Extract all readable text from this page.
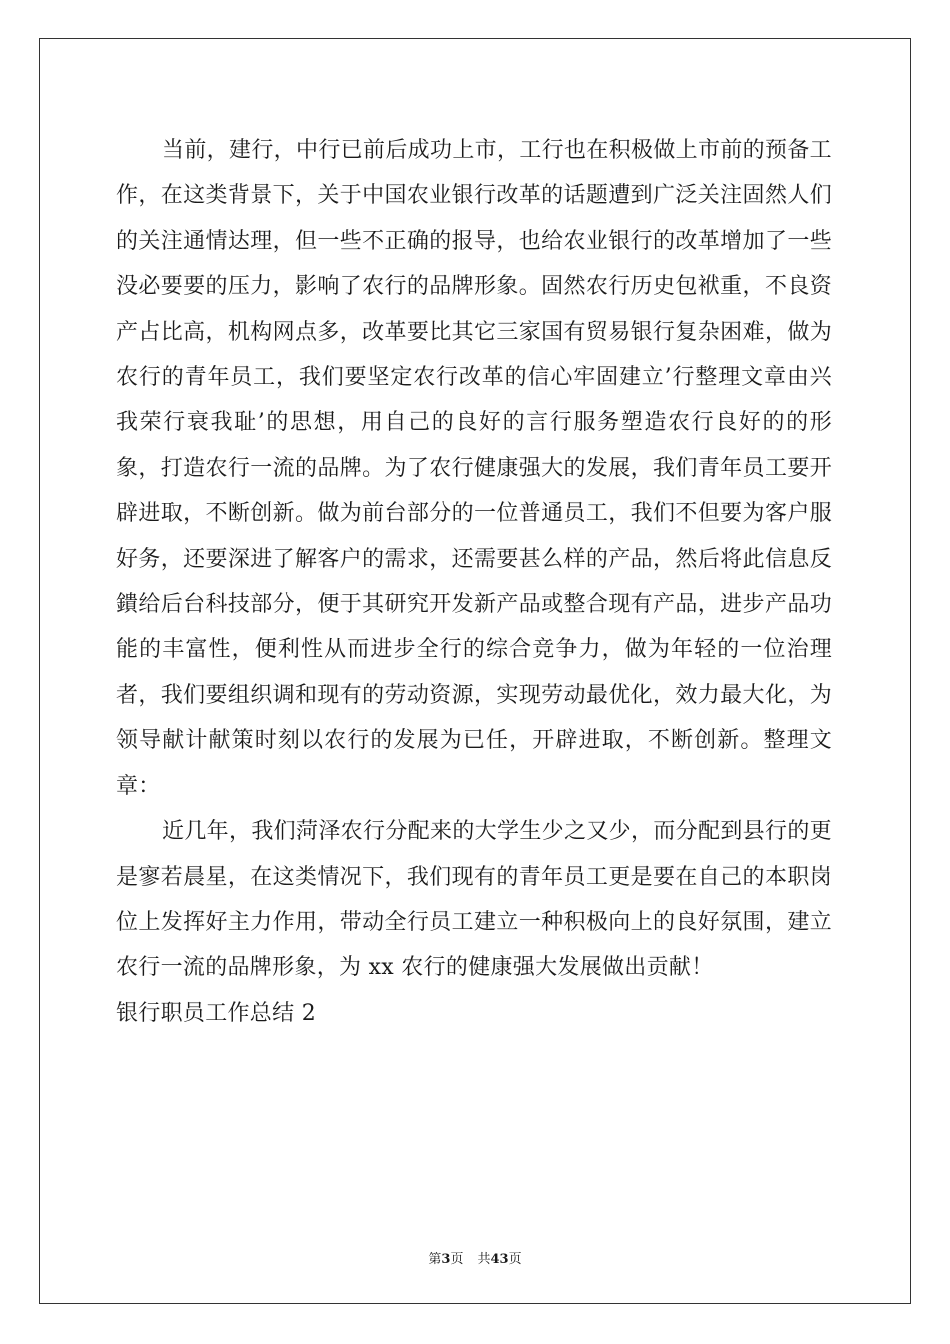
当前，建行，中行已前后成功上市，工行也在积极做上市前的预备工作，在这类背景下，关于中国农业银行改革的话题遭到广泛关注固然人们的关注通情达理，但一些不正确的报导，也给农业银行的改革增加了一些没必要要的压力，影响了农行的品牌形象。固然农行历史包袱重，不良资产占比高，机构网点多，改革要比其它三家国有贸易银行复杂困难，做为农行的青年员工，我们要坚定农行改革的信心牢固建立’行整理文章由兴我荣行衰我耻’的思想，用自己的良好的言行服务塑造农行良好的的形象，打造农行一流的品牌。为了农行健康强大的发展，我们青年员工要开辟进取，不断创新。做为前台部分的一位普通员工，我们不但要为客户服好务，还要深进了解客户的需求，还需要甚么样的产品，然后将此信息反鐀给后台科技部分，便于其研究开发新产品或整合现有产品，进步产品功能的丰富性，便利性从而进步全行的综合竞争力，做为年轻的一位治理者，我们要组织调和现有的劳动资源，实现劳动最优化，效力最大化，为领导献计献策时刻以农行的发展为已任，开辟进取，不断创新。整理文章：

近几年，我们菏泽农行分配来的大学生少之又少，而分配到县行的更是寥若晨星，在这类情况下，我们现有的青年员工更是要在自己的本职岗位上发挥好主力作用，带动全行员工建立一种积极向上的良好氛围，建立农行一流的品牌形象，为 xx 农行的健康强大发展做出贡献！

银行职员工作总结 2

第3页 共43页
